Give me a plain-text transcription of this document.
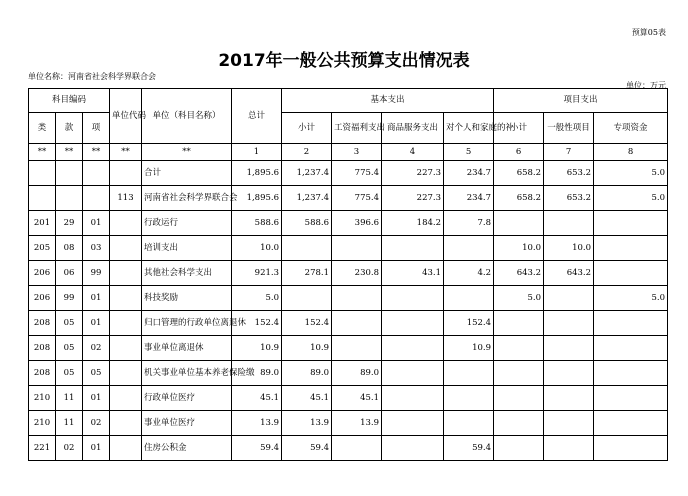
预算05表
2017年一般公共预算支出情况表
单位名称：河南省社会科学界联合会
单位：万元
科目编码			单位代码	单位（科目名称）	总计	基本支出				项目支出		
类	款	项				小计	工资福利支出	商品服务支出	对个人和家庭的补	小计	一般性项目	专项资金
**	**	**	**	**	1	2	3	4	5	6	7	8
				合计	1,895.6	1,237.4	775.4	227.3	234.7	658.2	653.2	5.0
			113	河南省社会科学界联合会	1,895.6	1,237.4	775.4	227.3	234.7	658.2	653.2	5.0
201	29	01		行政运行	588.6	588.6	396.6	184.2	7.8			
205	08	03		培训支出	10.0					10.0	10.0	
206	06	99		其他社会科学支出	921.3	278.1	230.8	43.1	4.2	643.2	643.2	
206	99	01		科技奖励	5.0					5.0		5.0
208	05	01		归口管理的行政单位离退休	152.4	152.4			152.4			
208	05	02		事业单位离退休	10.9	10.9			10.9			
208	05	05		机关事业单位基本养老保险缴	89.0	89.0	89.0					
210	11	01		行政单位医疗	45.1	45.1	45.1					
210	11	02		事业单位医疗	13.9	13.9	13.9					
221	02	01		住房公积金	59.4	59.4			59.4			
